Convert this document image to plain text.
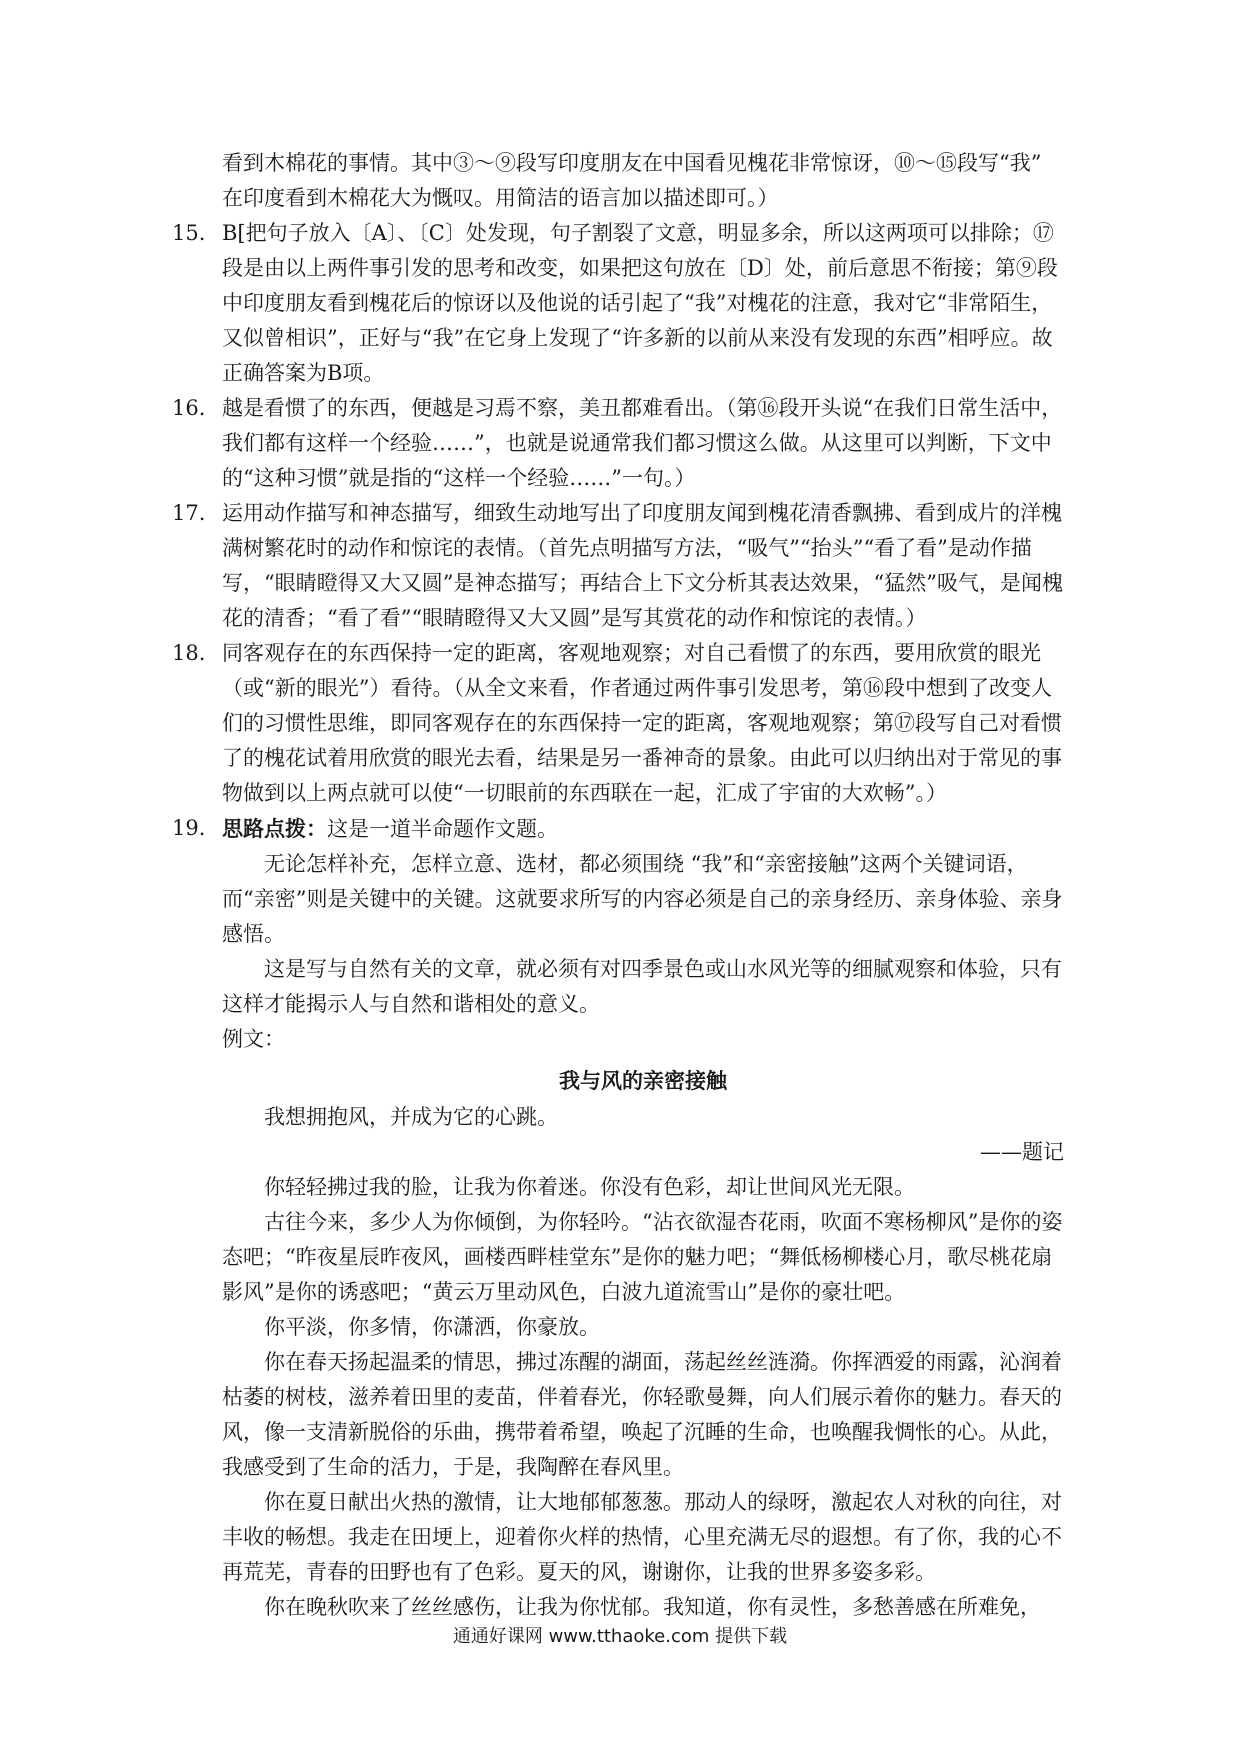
看到木棉花的事情。其中③～⑨段写印度朋友在中国看见槐花非常惊讶，⑩～⑮段写“我”

在印度看到木棉花大为慨叹。用简洁的语言加以描述即可。）

15. B[把句子放入〔A〕、〔C〕处发现，句子割裂了文意，明显多余，所以这两项可以排除；⑰段是由以上两件事引发的思考和改变，如果把这句放在〔D〕处，前后意思不衔接；第⑨段中印度朋友看到槐花后的惊讶以及他说的话引起了“我”对槐花的注意，我对它“非常陌生，又似曾相识”，正好与“我”在它身上发现了“许多新的以前从来没有发现的东西”相呼应。故正确答案为B项。
16. 越是看惯了的东西，便越是习焉不察，美丑都难看出。（第⑯段开头说“在我们日常生活中，我们都有这样一个经验……”，也就是说通常我们都习惯这么做。从这里可以判断，下文中的“这种习惯”就是指的“这样一个经验……”一句。）
17. 运用动作描写和神态描写，细致生动地写出了印度朋友闻到槐花清香飘拂、看到成片的洋槐满树繁花时的动作和惊诧的表情。（首先点明描写方法，“吸气”“抬头”“看了看”是动作描写，“眼睛瞪得又大又圆”是神态描写；再结合上下文分析其表达效果，“猛然”吸气，是闻槐花的清香；“看了看”“眼睛瞪得又大又圆”是写其赏花的动作和惊诧的表情。）
18. 同客观存在的东西保持一定的距离，客观地观察；对自己看惯了的东西，要用欣赏的眼光（或“新的眼光”）看待。（从全文来看，作者通过两件事引发思考，第⑯段中想到了改变人们的习惯性思维，即同客观存在的东西保持一定的距离，客观地观察；第⑰段写自己对看惯了的槐花试着用欣赏的眼光去看，结果是另一番神奇的景象。由此可以归纳出对于常见的事物做到以上两点就可以使“一切眼前的东西联在一起，汇成了宇宙的大欢畅”。）
19. 思路点拨：这是一道半命题作文题。

无论怎样补充，怎样立意、选材，都必须围绕 “我”和“亲密接触”这两个关键词语，而“亲密”则是关键中的关键。这就要求所写的内容必须是自己的亲身经历、亲身体验、亲身感悟。

这是写与自然有关的文章，就必须有对四季景色或山水风光等的细腻观察和体验，只有这样才能揭示人与自然和谐相处的意义。

例文：

我与风的亲密接触

我想拥抱风，并成为它的心跳。

——题记

你轻轻拂过我的脸，让我为你着迷。你没有色彩，却让世间风光无限。

古往今来，多少人为你倾倒，为你轻吟。“沾衣欲湿杏花雨，吹面不寒杨柳风”是你的姿态吧；“昨夜星辰昨夜风，画楼西畔桂堂东”是你的魅力吧；“舞低杨柳楼心月，歌尽桃花扇影风”是你的诱惑吧；“黄云万里动风色，白波九道流雪山”是你的豪壮吧。

你平淡，你多情，你潇洒，你豪放。

你在春天扬起温柔的情思，拂过冻醒的湖面，荡起丝丝涟漪。你挥洒爱的雨露，沁润着枯萎的树枝，滋养着田里的麦苗，伴着春光，你轻歌曼舞，向人们展示着你的魅力。春天的风，像一支清新脱俗的乐曲，携带着希望，唤起了沉睡的生命，也唤醒我惆怅的心。从此，我感受到了生命的活力，于是，我陶醉在春风里。

你在夏日献出火热的激情，让大地郁郁葱葱。那动人的绿呀，激起农人对秋的向往，对丰收的畅想。我走在田埂上，迎着你火样的热情，心里充满无尽的遐想。有了你，我的心不再荒芜，青春的田野也有了色彩。夏天的风，谢谢你，让我的世界多姿多彩。

你在晚秋吹来了丝丝感伤，让我为你忧郁。我知道，你有灵性，多愁善感在所难免，

通通好课网 www.tthaoke.com 提供下载
